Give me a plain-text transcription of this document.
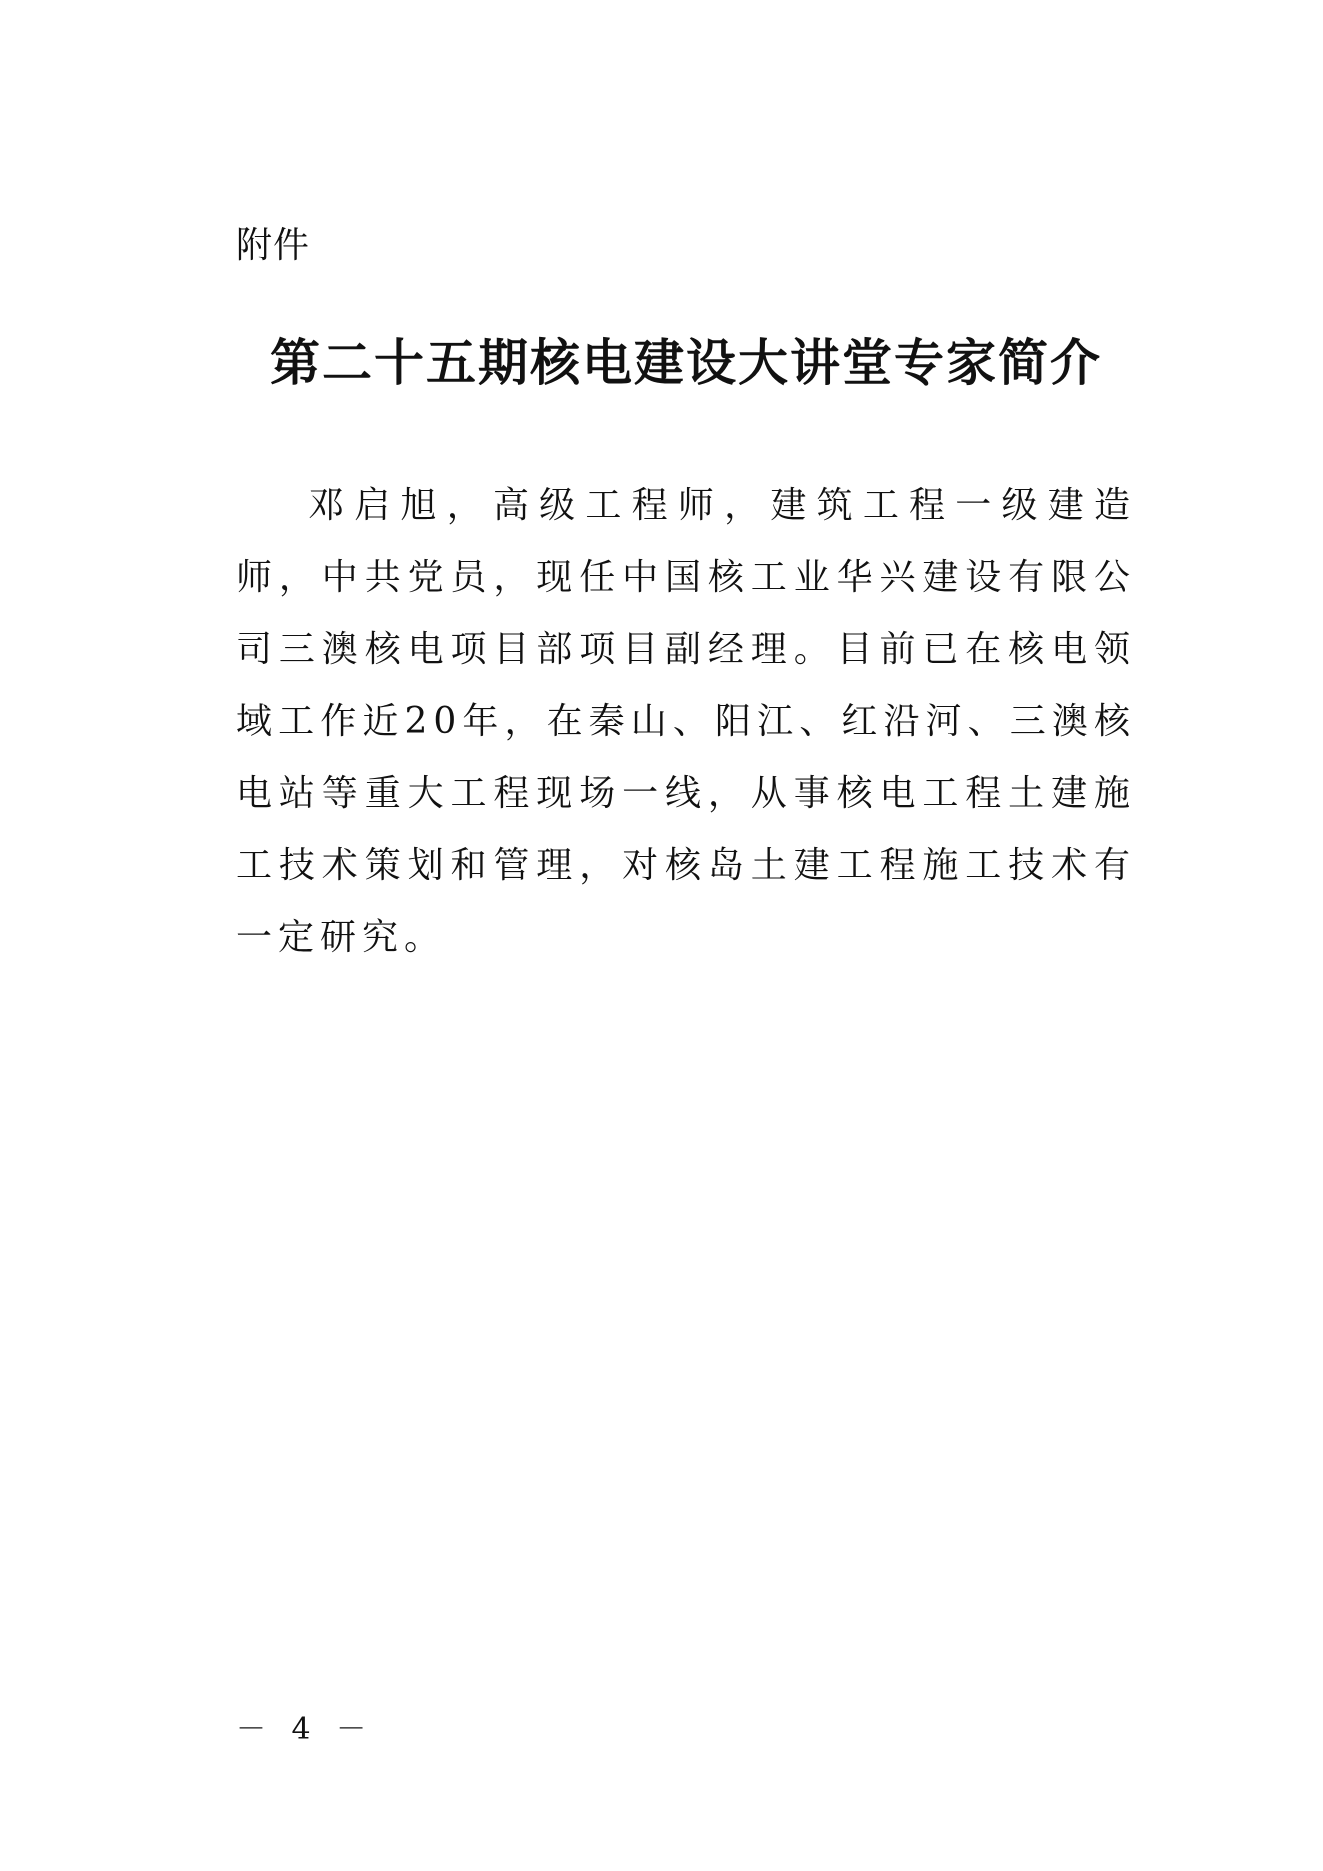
附件
第二十五期核电建设大讲堂专家简介

邓启旭，高级工程师，建筑工程一级建造师，中共党员，现任中国核工业华兴建设有限公司三澳核电项目部项目副经理。目前已在核电领域工作近20年，在秦山、阳江、红沿河、三澳核电站等重大工程现场一线，从事核电工程土建施工技术策划和管理，对核岛土建工程施工技术有一定研究。

－ 4 －
